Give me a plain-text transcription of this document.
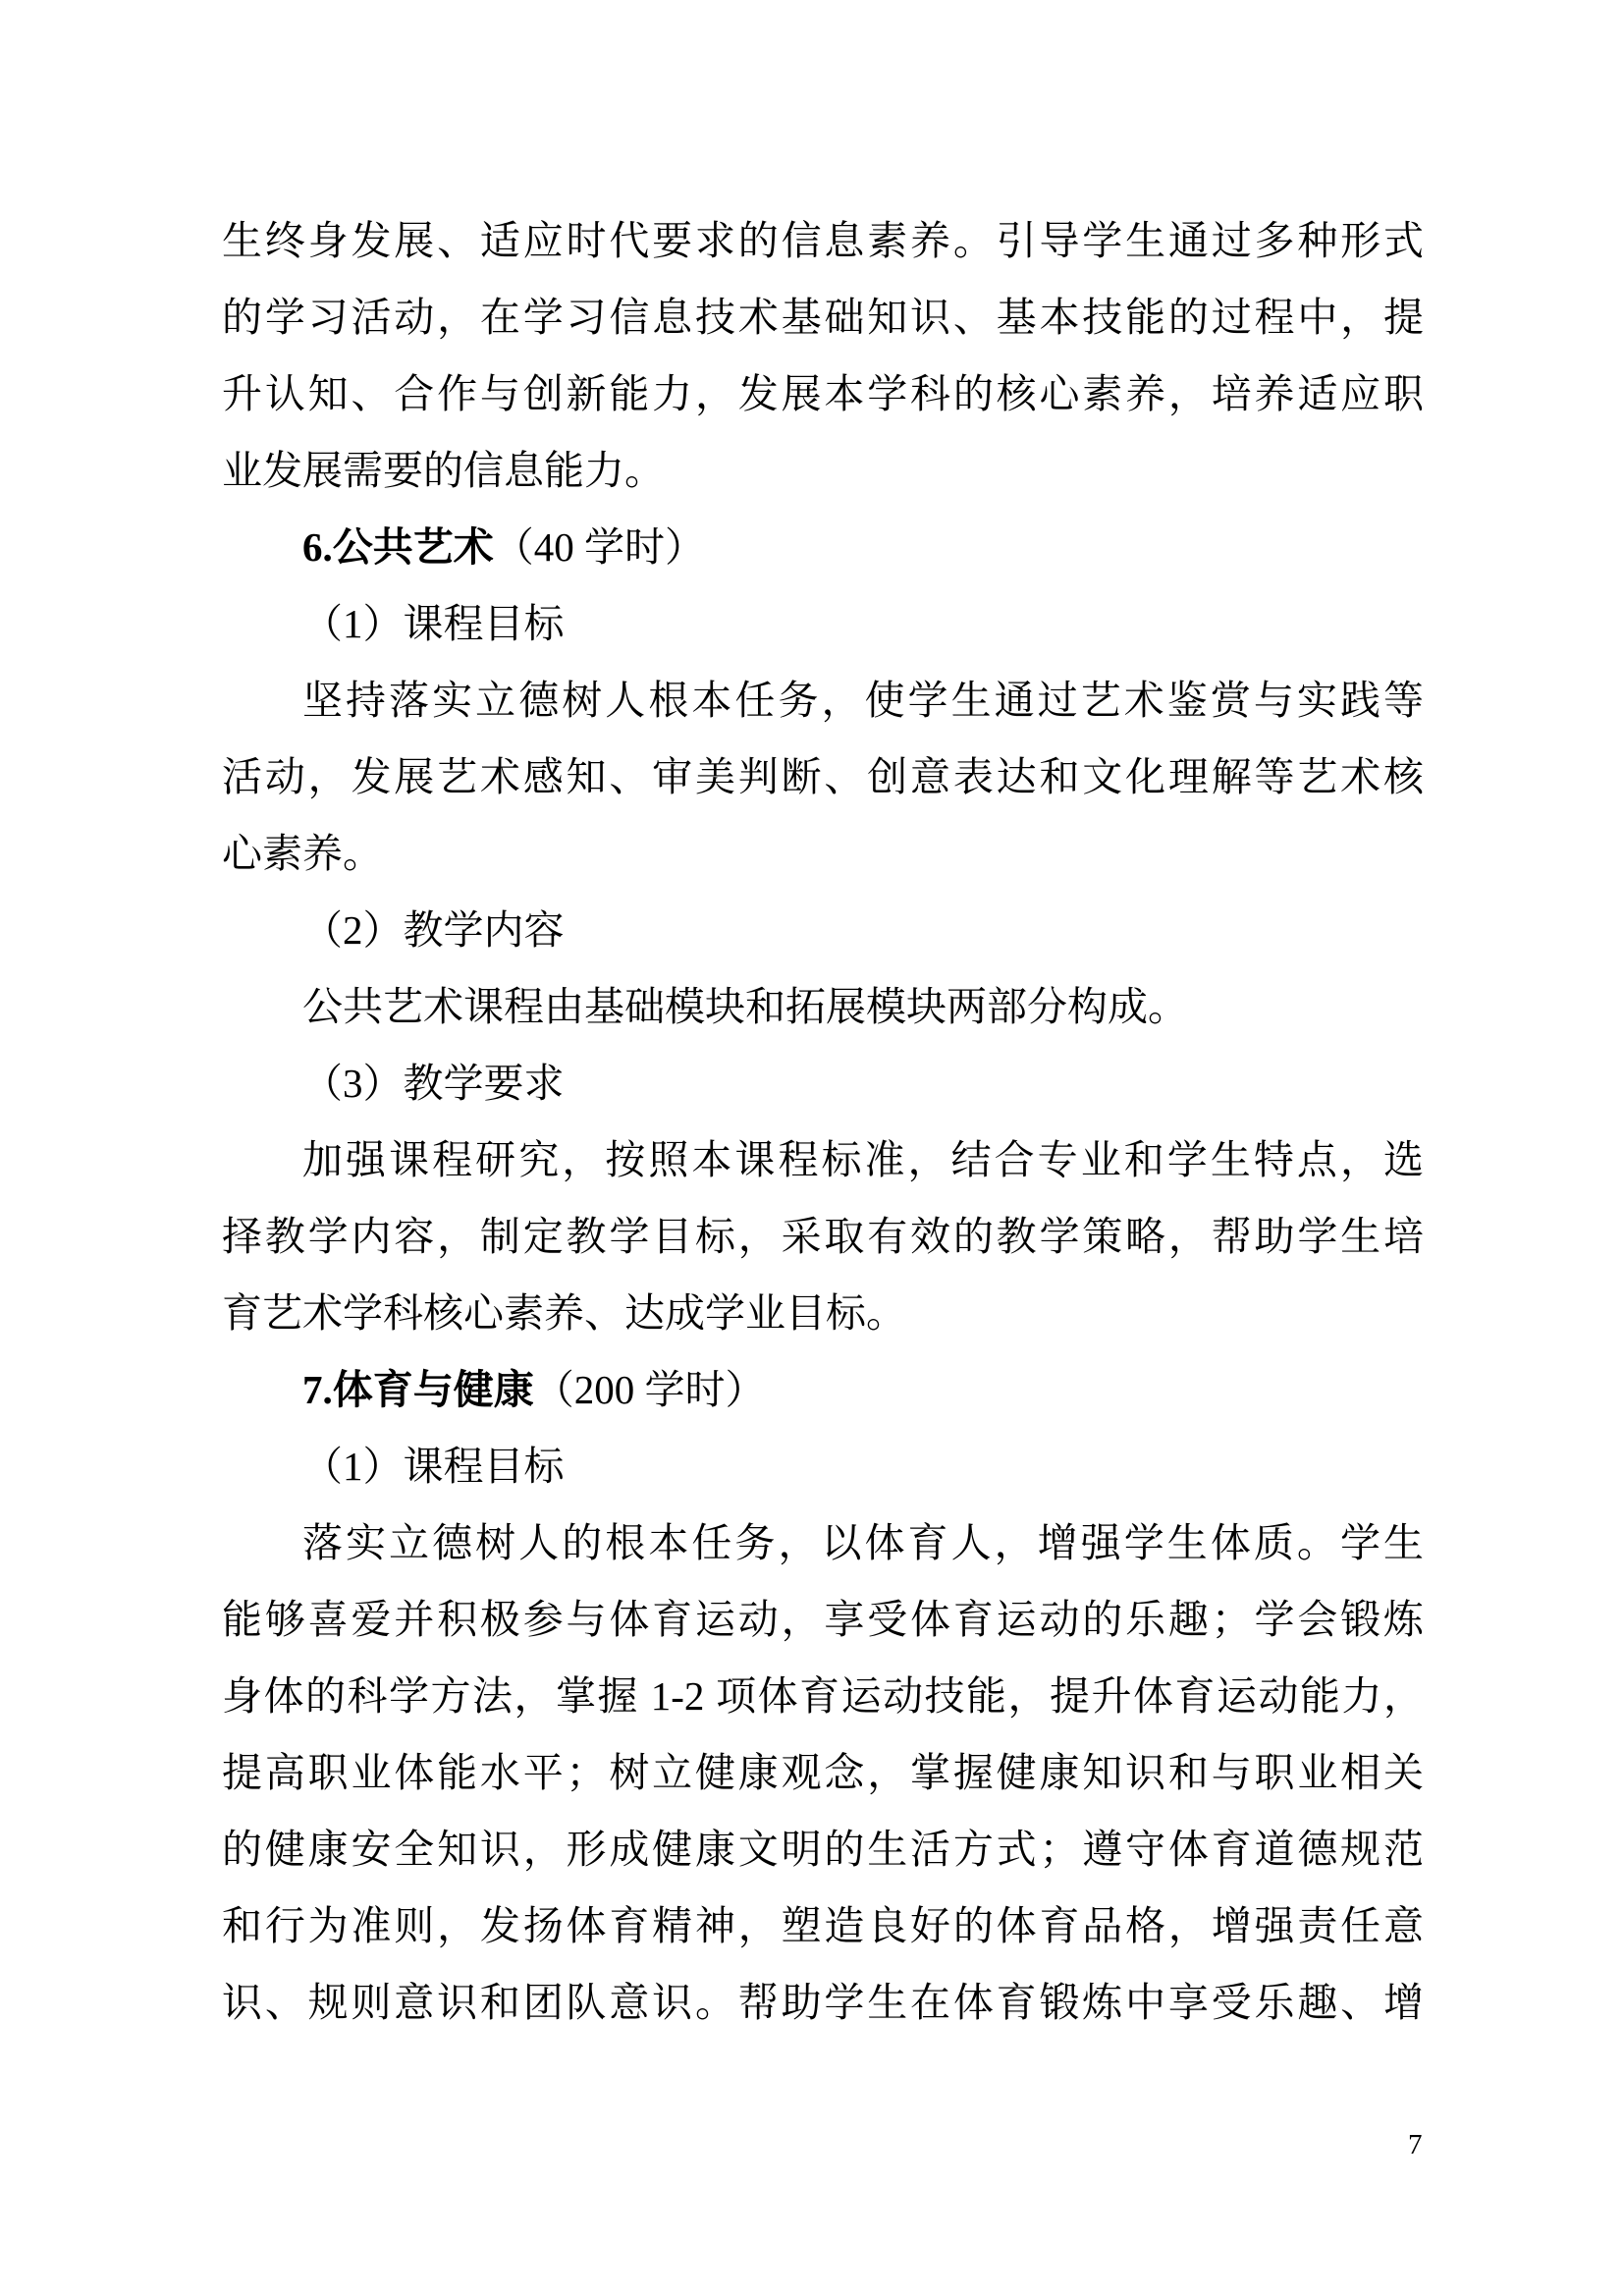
生终身发展、适应时代要求的信息素养。引导学生通过多种形式
的学习活动，在学习信息技术基础知识、基本技能的过程中，提
升认知、合作与创新能力，发展本学科的核心素养，培养适应职
业发展需要的信息能力。
6.公共艺术（40 学时）
（1）课程目标
坚持落实立德树人根本任务，使学生通过艺术鉴赏与实践等
活动，发展艺术感知、审美判断、创意表达和文化理解等艺术核
心素养。
（2）教学内容
公共艺术课程由基础模块和拓展模块两部分构成。
（3）教学要求
加强课程研究，按照本课程标准，结合专业和学生特点，选
择教学内容，制定教学目标，采取有效的教学策略，帮助学生培
育艺术学科核心素养、达成学业目标。
7.体育与健康（200 学时）
（1）课程目标
落实立德树人的根本任务，以体育人，增强学生体质。学生
能够喜爱并积极参与体育运动，享受体育运动的乐趣；学会锻炼
身体的科学方法，掌握 1-2 项体育运动技能，提升体育运动能力，
提高职业体能水平；树立健康观念，掌握健康知识和与职业相关
的健康安全知识，形成健康文明的生活方式；遵守体育道德规范
和行为准则，发扬体育精神，塑造良好的体育品格，增强责任意
识、规则意识和团队意识。帮助学生在体育锻炼中享受乐趣、增
7
